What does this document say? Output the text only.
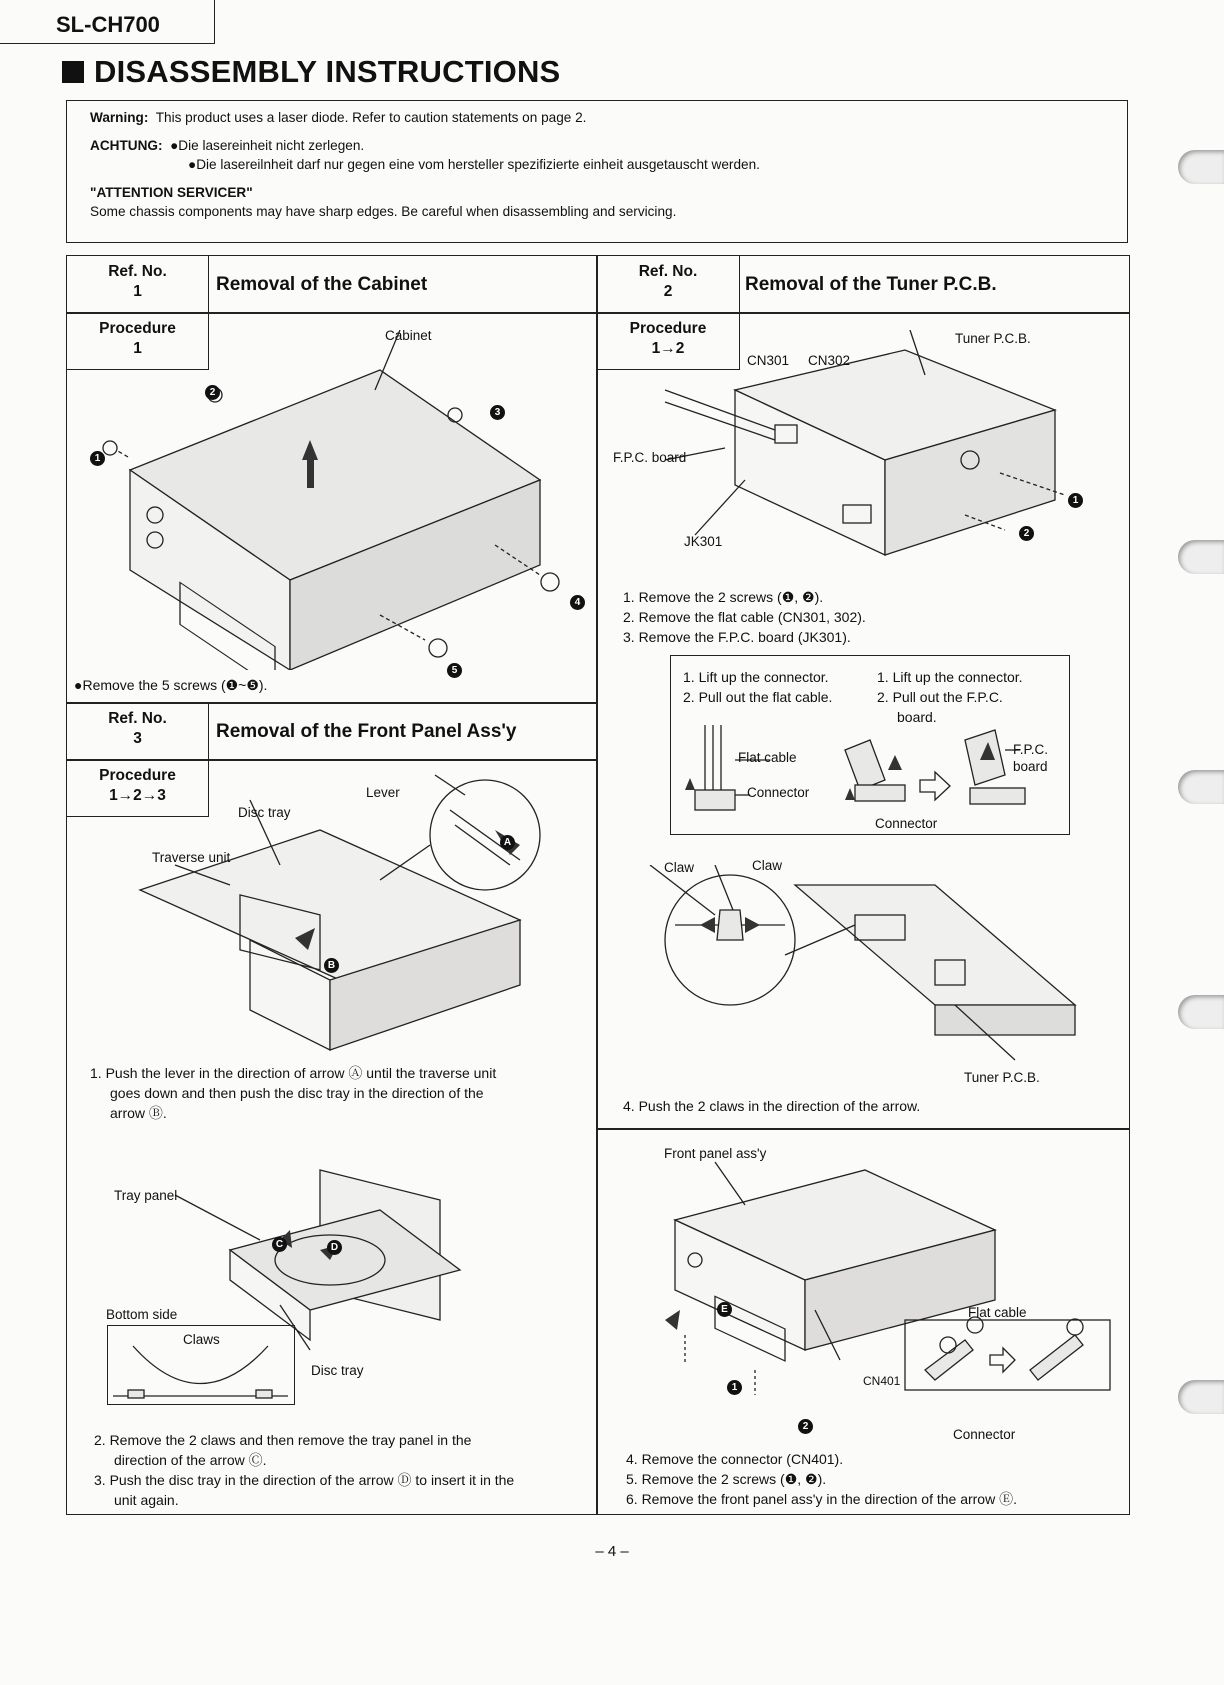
SL-CH700
DISASSEMBLY INSTRUCTIONS
Warning: This product uses a laser diode. Refer to caution statements on page 2.
ACHTUNG: ●Die lasereinheit nicht zerlegen.
●Die lasereilnheit darf nur gegen eine vom hersteller spezifizierte einheit ausgetauscht werden.
"ATTENTION SERVICER"
Some chassis components may have sharp edges. Be careful when disassembling and servicing.
Ref. No.
1	Removal of the Cabinet
Procedure
1
Ref. No.
2	Removal of the Tuner P.C.B.
Procedure
1→2
Ref. No.
3	Removal of the Front Panel Ass'y
Procedure
1→2→3
Cabinet
1
2
3
4
5
●Remove the 5 screws (❶~❺).
Tuner P.C.B.
CN301 CN302
F.P.C. board
JK301
1
2
1. Remove the 2 screws (❶, ❷).
2. Remove the flat cable (CN301, 302).
3. Remove the F.P.C. board (JK301).
1. Lift up the connector.
2. Pull out the flat cable.
1. Lift up the connector.
2. Pull out the F.P.C.
board.
Flat cable
Connector
Connector
F.P.C. board
Claw	Claw
Tuner P.C.B.
4. Push the 2 claws in the direction of the arrow.
Lever
Disc tray
Traverse unit
A
B
1. Push the lever in the direction of arrow Ⓐ until the traverse unit
goes down and then push the disc tray in the direction of the
arrow Ⓑ.
Tray panel
C	D
Bottom side
Claws
Disc tray
2. Remove the 2 claws and then remove the tray panel in the
direction of the arrow Ⓒ.
3. Push the disc tray in the direction of the arrow Ⓓ to insert it in the
unit again.
Front panel ass'y
Flat cable
CN401
Connector
E
1
2
4. Remove the connector (CN401).
5. Remove the 2 screws (❶, ❷).
6. Remove the front panel ass'y in the direction of the arrow Ⓔ.
– 4 –
